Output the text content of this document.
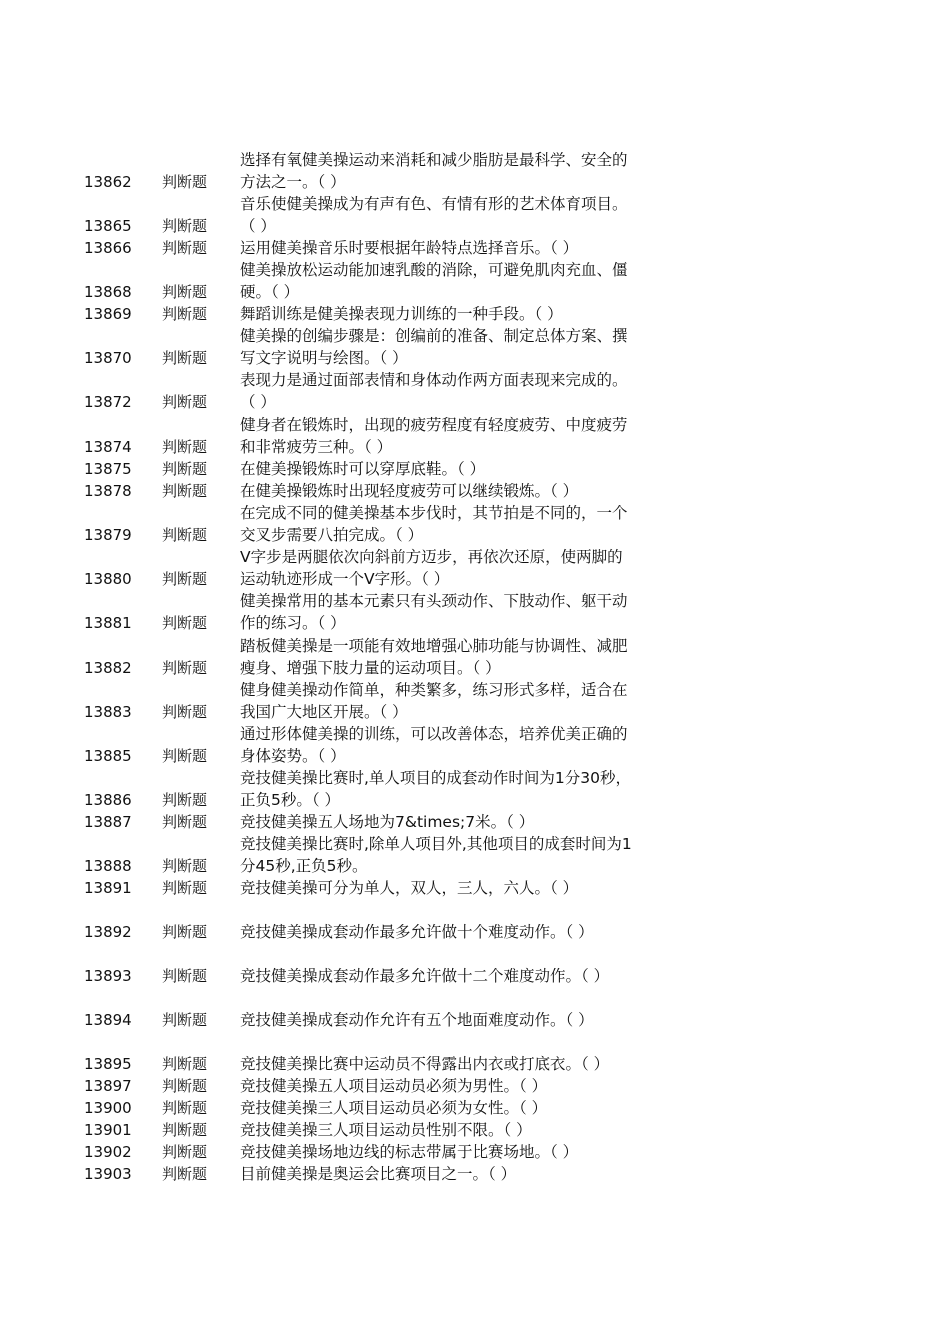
13862 判断题
选择有氧健美操运动来消耗和减少脂肪是最科学、安全的
方法之一。（ ）
13865 判断题
音乐使健美操成为有声有色、有情有形的艺术体育项目。
（ ）
13866 判断题 运用健美操音乐时要根据年龄特点选择音乐。（ ）
13868 判断题
健美操放松运动能加速乳酸的消除，可避免肌肉充血、僵
硬。（ ）
13869 判断题 舞蹈训练是健美操表现力训练的一种手段。（ ）
13870 判断题
健美操的创编步骤是：创编前的准备、制定总体方案、撰
写文字说明与绘图。（ ）
13872 判断题
表现力是通过面部表情和身体动作两方面表现来完成的。
（ ）
13874 判断题
健身者在锻炼时，出现的疲劳程度有轻度疲劳、中度疲劳
和非常疲劳三种。（ ）
13875 判断题 在健美操锻炼时可以穿厚底鞋。（ ）
13878 判断题 在健美操锻炼时出现轻度疲劳可以继续锻炼。（ ）
13879 判断题
在完成不同的健美操基本步伐时，其节拍是不同的，一个
交叉步需要八拍完成。（ ）
13880 判断题
V字步是两腿依次向斜前方迈步，再依次还原，使两脚的
运动轨迹形成一个V字形。（ ）
13881 判断题
健美操常用的基本元素只有头颈动作、下肢动作、躯干动
作的练习。（ ）
13882 判断题
踏板健美操是一项能有效地增强心肺功能与协调性、减肥
瘦身、增强下肢力量的运动项目。（ ）
13883 判断题
健身健美操动作简单，种类繁多，练习形式多样，适合在
我国广大地区开展。（ ）
13885 判断题
通过形体健美操的训练，可以改善体态，培养优美正确的
身体姿势。（ ）
13886 判断题
竞技健美操比赛时,单人项目的成套动作时间为1分30秒，
正负5秒。（ ）
13887 判断题 竞技健美操五人场地为7&times;7米。（ ）
13888 判断题
竞技健美操比赛时,除单人项目外,其他项目的成套时间为1
分45秒,正负5秒。
13891 判断题 竞技健美操可分为单人，双人，三人，六人。（ ）
13892 判断题 竞技健美操成套动作最多允许做十个难度动作。（ ）
13893 判断题 竞技健美操成套动作最多允许做十二个难度动作。（ ）
13894 判断题 竞技健美操成套动作允许有五个地面难度动作。（ ）
13895 判断题 竞技健美操比赛中运动员不得露出内衣或打底衣。（ ）
13897 判断题 竞技健美操五人项目运动员必须为男性。（ ）
13900 判断题 竞技健美操三人项目运动员必须为女性。（ ）
13901 判断题 竞技健美操三人项目运动员性别不限。（ ）
13902 判断题 竞技健美操场地边线的标志带属于比赛场地。（ ）
13903 判断题 目前健美操是奥运会比赛项目之一。（ ）
